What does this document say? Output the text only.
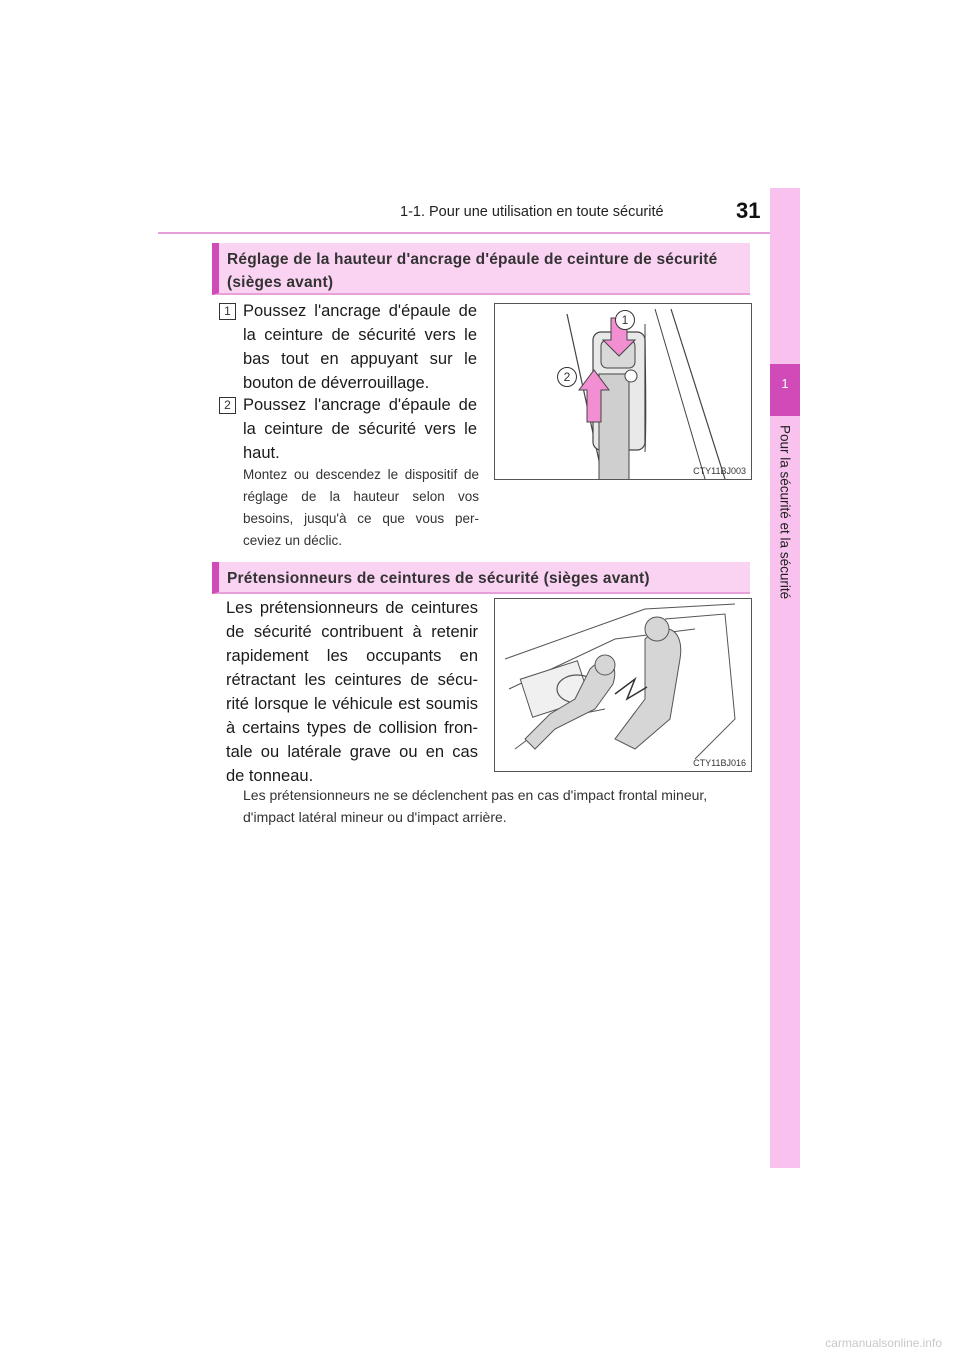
1-1. Pour une utilisation en toute sécurité	31
1
Pour la sécurité et la sécurité
Réglage de la hauteur d'ancrage d'épaule de ceinture de sécurité (sièges avant)
1 Poussez l'ancrage d'épaule de la ceinture de sécurité vers le bas tout en appuyant sur le bouton de déverrouillage.
2 Poussez l'ancrage d'épaule de la ceinture de sécurité vers le haut.
Montez ou descendez le dispositif de réglage de la hauteur selon vos besoins, jusqu'à ce que vous per-ceviez un déclic.
1
2
CTY11BJ003
Prétensionneurs de ceintures de sécurité (sièges avant)
Les prétensionneurs de ceintures de sécurité contribuent à retenir rapidement les occupants en rétractant les ceintures de sécu-rité lorsque le véhicule est soumis à certains types de collision fron-tale ou latérale grave ou en cas de tonneau.
CTY11BJ016
Les prétensionneurs ne se déclenchent pas en cas d'impact frontal mineur, d'impact latéral mineur ou d'impact arrière.
carmanualsonline.info
